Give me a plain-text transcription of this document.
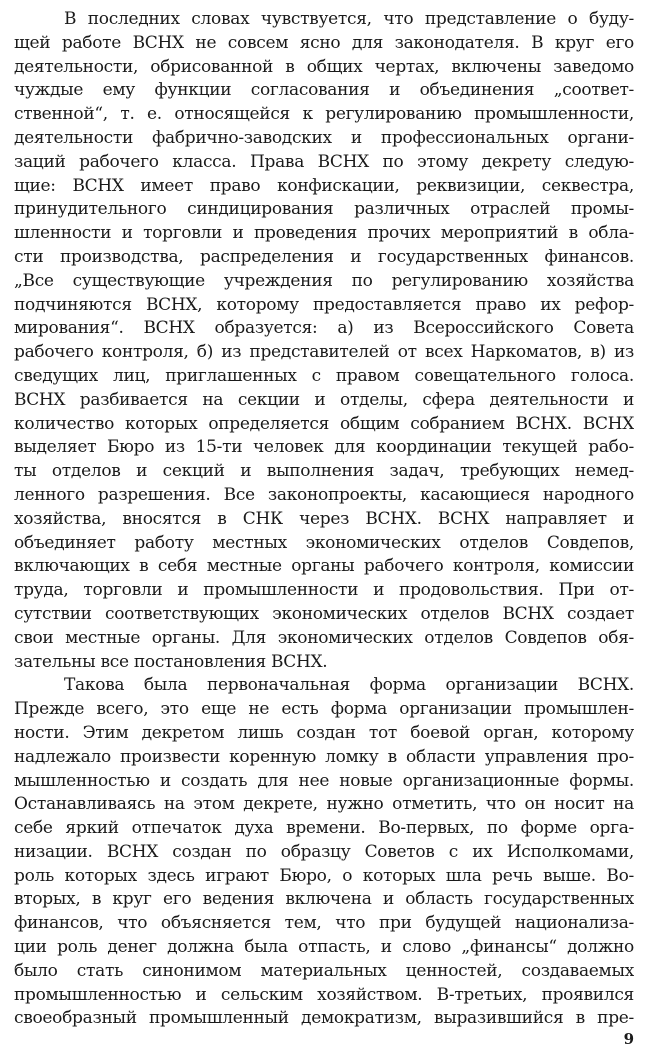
В последних словах чувствуется, что представление о буду-
щей работе ВСНХ не совсем ясно для законодателя. В круг его
деятельности, обрисованной в общих чертах, включены заведомо
чуждые ему функции согласования и объединения „соответ-
ственной“, т. е. относящейся к регулированию промышленности,
деятельности фабрично-заводских и профессиональных органи-
заций рабочего класса. Права ВСНХ по этому декрету следую-
щие: ВСНХ имеет право конфискации, реквизиции, секвестра,
принудительного синдицирования различных отраслей промы-
шленности и торговли и проведения прочих мероприятий в обла-
сти производства, распределения и государственных финансов.
„Все существующие учреждения по регулированию хозяйства
подчиняются ВСНХ, которому предоставляется право их рефор-
мирования“. ВСНХ образуется: а) из Всероссийского Совета
рабочего контроля, б) из представителей от всех Наркоматов, в) из
сведущих лиц, приглашенных с правом совещательного голоса.
ВСНХ разбивается на секции и отделы, сфера деятельности и
количество которых определяется общим собранием ВСНХ. ВСНХ
выделяет Бюро из 15-ти человек для координации текущей рабо-
ты отделов и секций и выполнения задач, требующих немед-
ленного разрешения. Все законопроекты, касающиеся народного
хозяйства, вносятся в СНК через ВСНХ. ВСНХ направляет и
объединяет работу местных экономических отделов Совдепов,
включающих в себя местные органы рабочего контроля, комиссии
труда, торговли и промышленности и продовольствия. При от-
сутствии соответствующих экономических отделов ВСНХ создает
свои местные органы. Для экономических отделов Совдепов обя-
зательны все постановления ВСНХ.
Такова была первоначальная форма организации ВСНХ.
Прежде всего, это еще не есть форма организации промышлен-
ности. Этим декретом лишь создан тот боевой орган, которому
надлежало произвести коренную ломку в области управления про-
мышленностью и создать для нее новые организационные формы.
Останавливаясь на этом декрете, нужно отметить, что он носит на
себе яркий отпечаток духа времени. Во-первых, по форме орга-
низации. ВСНХ создан по образцу Советов с их Исполкомами,
роль которых здесь играют Бюро, о которых шла речь выше. Во-
вторых, в круг его ведения включена и область государственных
финансов, что объясняется тем, что при будущей национализа-
ции роль денег должна была отпасть, и слово „финансы“ должно
было стать синонимом материальных ценностей, создаваемых
промышленностью и сельским хозяйством. В-третьих, проявился
своеобразный промышленный демократизм, выразившийся в пре-
9
